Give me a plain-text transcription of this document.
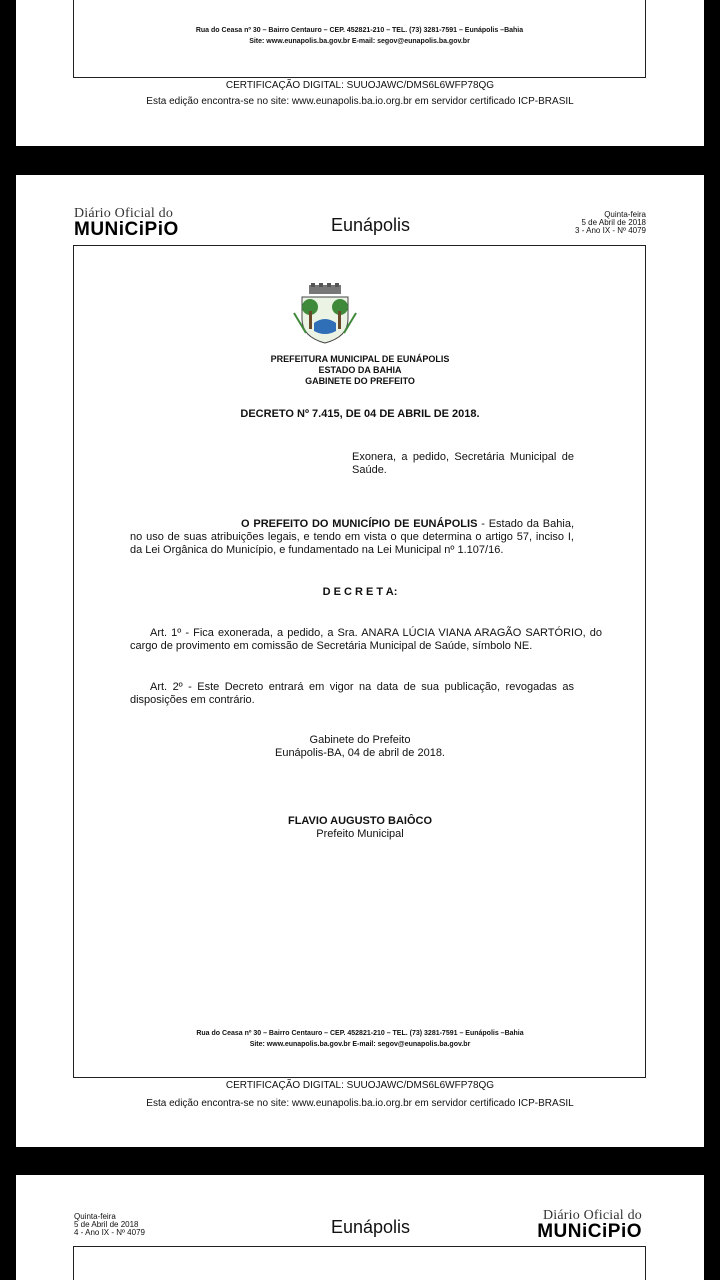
Rua do Ceasa nº 30 – Bairro Centauro – CEP. 452821-210 – TEL. (73) 3281-7591 – Eunápolis –Bahia
Site: www.eunapolis.ba.gov.br E-mail: segov@eunapolis.ba.gov.br
CERTIFICAÇÃO DIGITAL: SUUOJAWC/DMS6L6WFP78QG
Esta edição encontra-se no site: www.eunapolis.ba.io.org.br em servidor certificado ICP-BRASIL
Diário Oficial do
MUNiCiPiO	Eunápolis
Quinta-feira
5 de Abril de 2018
3 - Ano IX - Nº 4079
PREFEITURA MUNICIPAL DE EUNÁPOLIS
ESTADO DA BAHIA
GABINETE DO PREFEITO
DECRETO Nº 7.415, DE 04 DE ABRIL DE 2018.
Exonera, a pedido, Secretária Municipal de Saúde.
O PREFEITO DO MUNICÍPIO DE EUNÁPOLIS - Estado da Bahia, no uso de suas atribuições legais, e tendo em vista o que determina o artigo 57, inciso I, da Lei Orgânica do Município, e fundamentado na Lei Municipal nº 1.107/16.
D E C R E T A:
Art. 1º - Fica exonerada, a pedido, a Sra. ANARA LÚCIA VIANA ARAGÃO SARTÓRIO, do cargo de provimento em comissão de Secretária Municipal de Saúde, símbolo NE.
Art. 2º - Este Decreto entrará em vigor na data de sua publicação, revogadas as disposições em contrário.
Gabinete do Prefeito
Eunápolis-BA, 04 de abril de 2018.
FLAVIO AUGUSTO BAIÔCO
Prefeito Municipal
Rua do Ceasa nº 30 – Bairro Centauro – CEP. 452821-210 – TEL. (73) 3281-7591 – Eunápolis –Bahia
Site: www.eunapolis.ba.gov.br E-mail: segov@eunapolis.ba.gov.br
CERTIFICAÇÃO DIGITAL: SUUOJAWC/DMS6L6WFP78QG
Esta edição encontra-se no site: www.eunapolis.ba.io.org.br em servidor certificado ICP-BRASIL
Quinta-feira
5 de Abril de 2018
4 - Ano IX - Nº 4079	Eunápolis
Diário Oficial do
MUNiCiPiO
